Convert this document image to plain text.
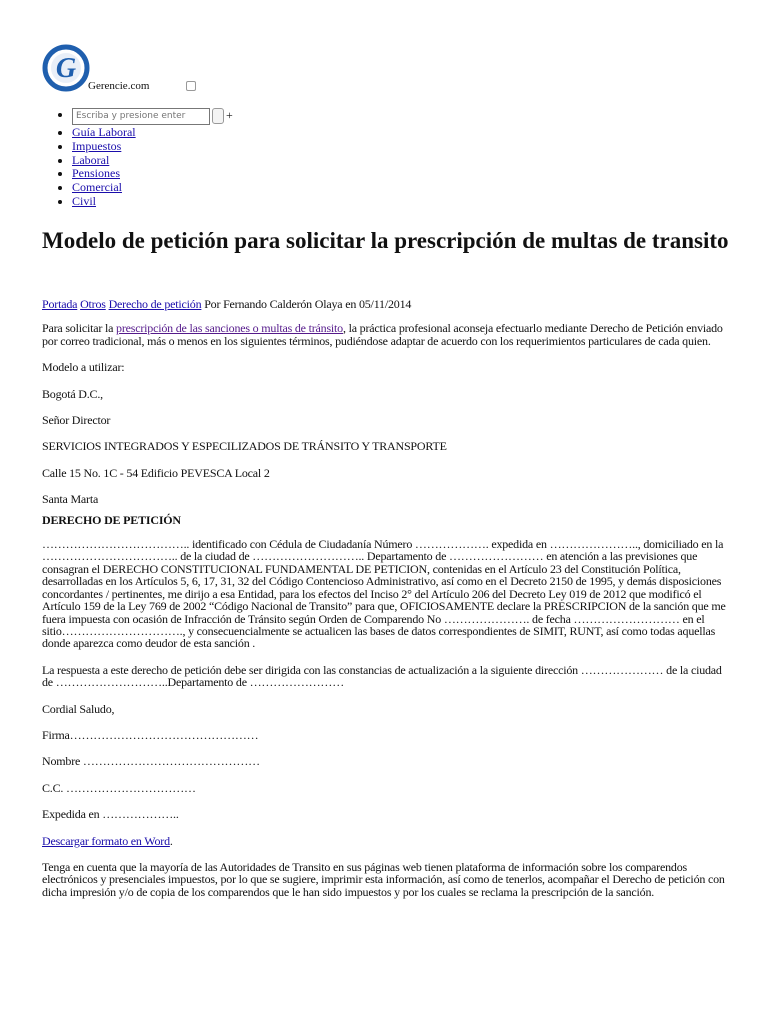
G
Gerencie.com
Escriba y presione enter
• +
• Guía Laboral
• Impuestos
• Laboral
• Pensiones
• Comercial
• Civil
Modelo de petición para solicitar la prescripción de multas de transito

Portada Otros Derecho de petición Por Fernando Calderón Olaya en 05/11/2014

Para solicitar la prescripción de las sanciones o multas de tránsito, la práctica profesional aconseja efectuarlo mediante Derecho de Petición enviado por correo tradicional, más o menos en los siguientes términos, pudiéndose adaptar de acuerdo con los requerimientos particulares de cada quien.

Modelo a utilizar:

Bogotá D.C.,

Señor Director

SERVICIOS INTEGRADOS Y ESPECILIZADOS DE TRÁNSITO Y TRANSPORTE

Calle 15 No. 1C - 54 Edificio PEVESCA Local 2

Santa Marta

DERECHO DE PETICIÓN

……………………………….. identificado con Cédula de Ciudadanía Número ………………. expedida en ………………….., domiciliado en la …………………………….. de la ciudad de ……………………….. Departamento de …………………… en atención a las previsiones que consagran el DERECHO CONSTITUCIONAL FUNDAMENTAL DE PETICION, contenidas en el Artículo 23 del Constitución Política, desarrolladas en los Artículos 5, 6, 17, 31, 32 del Código Contencioso Administrativo, así como en el Decreto 2150 de 1995, y demás disposiciones concordantes / pertinentes, me dirijo a esa Entidad, para los efectos del Inciso 2° del Artículo 206 del Decreto Ley 019 de 2012 que modificó el Artículo 159 de la Ley 769 de 2002 “Código Nacional de Transito” para que, OFICIOSAMENTE declare la PRESCRIPCION de la sanción que me fuera impuesta con ocasión de Infracción de Tránsito según Orden de Comparendo No …………………. de fecha ……………………… en el sitio…………………………., y consecuencialmente se actualicen las bases de datos correspondientes de SIMIT, RUNT, así como todas aquellas donde aparezca como deudor de esta sanción .

La respuesta a este derecho de petición debe ser dirigida con las constancias de actualización a la siguiente dirección ………………… de la ciudad de ………………………..Departamento de ……………………

Cordial Saludo,

Firma…………………………………………

Nombre ………………………………………

C.C. ……………………………

Expedida en ………………..

Descargar formato en Word.

Tenga en cuenta que la mayoría de las Autoridades de Transito en sus páginas web tienen plataforma de información sobre los comparendos electrónicos y presenciales impuestos, por lo que se sugiere, imprimir esta información, así como de tenerlos, acompañar el Derecho de petición con dicha impresión y/o de copia de los comparendos que le han sido impuestos y por los cuales se reclama la prescripción de la sanción.
